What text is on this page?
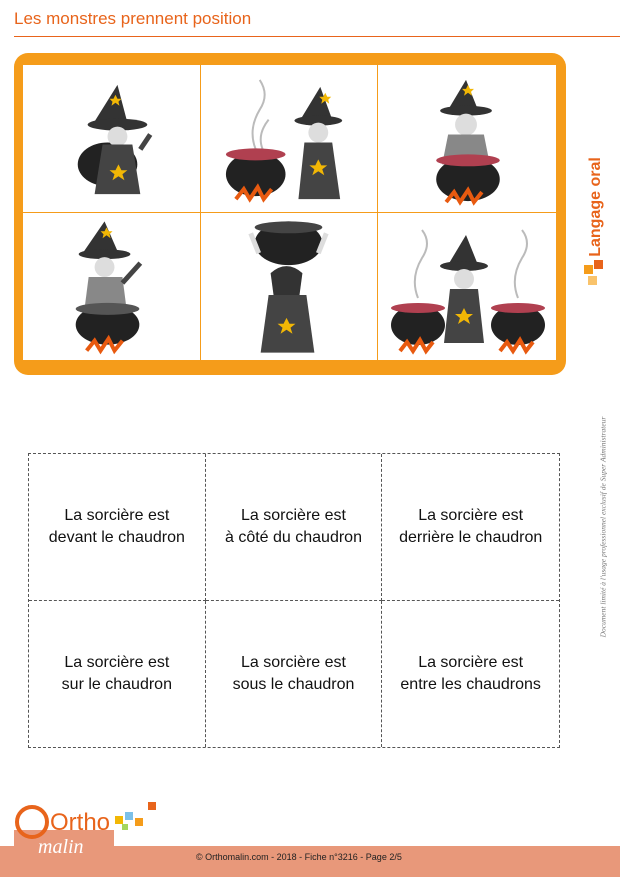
Les monstres prennent position
Langage oral
La sorcière est
devant le chaudron
La sorcière est
à côté du chaudron
La sorcière est
derrière le chaudron
La sorcière est
sur le chaudron
La sorcière est
sous le chaudron
La sorcière est
entre les chaudrons
Document limité à l'usage professionnel exclusif de Super Administrateur
© Orthomalin.com - 2018 - Fiche n°3216 - Page 2/5
Ortho
malin
